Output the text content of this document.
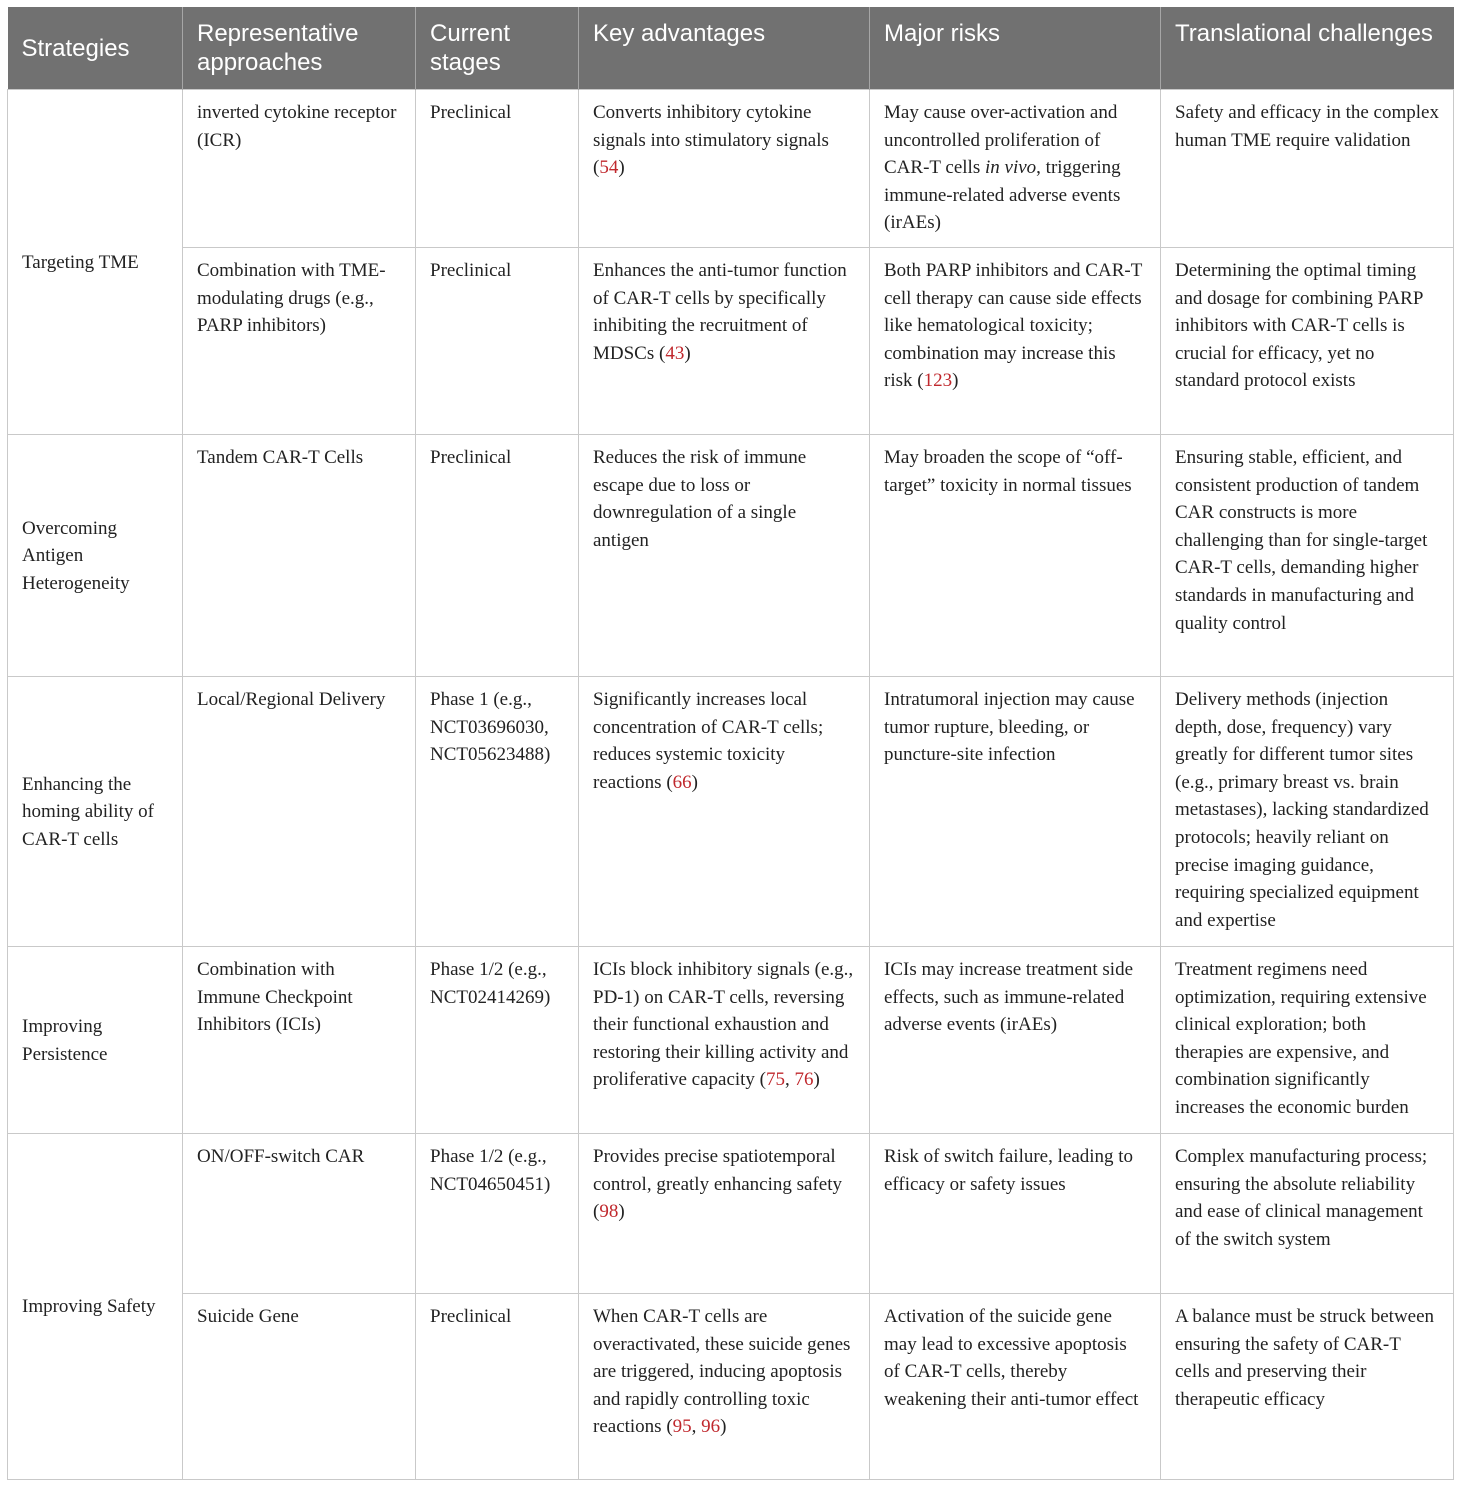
Strategies	Representative approaches	Current stages	Key advantages	Major risks	Translational challenges
Targeting TME	inverted cytokine receptor (ICR)	Preclinical	Converts inhibitory cytokine signals into stimulatory signals (54)	May cause over-activation and uncontrolled proliferation of CAR-T cells in vivo, triggering immune-related adverse events (irAEs)	Safety and efficacy in the complex human TME require validation
	Combination with TME-modulating drugs (e.g., PARP inhibitors)	Preclinical	Enhances the anti-tumor function of CAR-T cells by specifically inhibiting the recruitment of MDSCs (43)	Both PARP inhibitors and CAR-T cell therapy can cause side effects like hematological toxicity; combination may increase this risk (123)	Determining the optimal timing and dosage for combining PARP inhibitors with CAR-T cells is crucial for efficacy, yet no standard protocol exists
Overcoming Antigen Heterogeneity	Tandem CAR-T Cells	Preclinical	Reduces the risk of immune escape due to loss or downregulation of a single antigen	May broaden the scope of “off-target” toxicity in normal tissues	Ensuring stable, efficient, and consistent production of tandem CAR constructs is more challenging than for single-target CAR-T cells, demanding higher standards in manufacturing and quality control
Enhancing the homing ability of CAR-T cells	Local/Regional Delivery	Phase 1 (e.g., NCT03696030, NCT05623488)	Significantly increases local concentration of CAR-T cells; reduces systemic toxicity reactions (66)	Intratumoral injection may cause tumor rupture, bleeding, or puncture-site infection	Delivery methods (injection depth, dose, frequency) vary greatly for different tumor sites (e.g., primary breast vs. brain metastases), lacking standardized protocols; heavily reliant on precise imaging guidance, requiring specialized equipment and expertise
Improving Persistence	Combination with Immune Checkpoint Inhibitors (ICIs)	Phase 1/2 (e.g., NCT02414269)	ICIs block inhibitory signals (e.g., PD-1) on CAR-T cells, reversing their functional exhaustion and restoring their killing activity and proliferative capacity (75, 76)	ICIs may increase treatment side effects, such as immune-related adverse events (irAEs)	Treatment regimens need optimization, requiring extensive clinical exploration; both therapies are expensive, and combination significantly increases the economic burden
Improving Safety	ON/OFF-switch CAR	Phase 1/2 (e.g., NCT04650451)	Provides precise spatiotemporal control, greatly enhancing safety (98)	Risk of switch failure, leading to efficacy or safety issues	Complex manufacturing process; ensuring the absolute reliability and ease of clinical management of the switch system
	Suicide Gene	Preclinical	When CAR-T cells are overactivated, these suicide genes are triggered, inducing apoptosis and rapidly controlling toxic reactions (95, 96)	Activation of the suicide gene may lead to excessive apoptosis of CAR-T cells, thereby weakening their anti-tumor effect	A balance must be struck between ensuring the safety of CAR-T cells and preserving their therapeutic efficacy
